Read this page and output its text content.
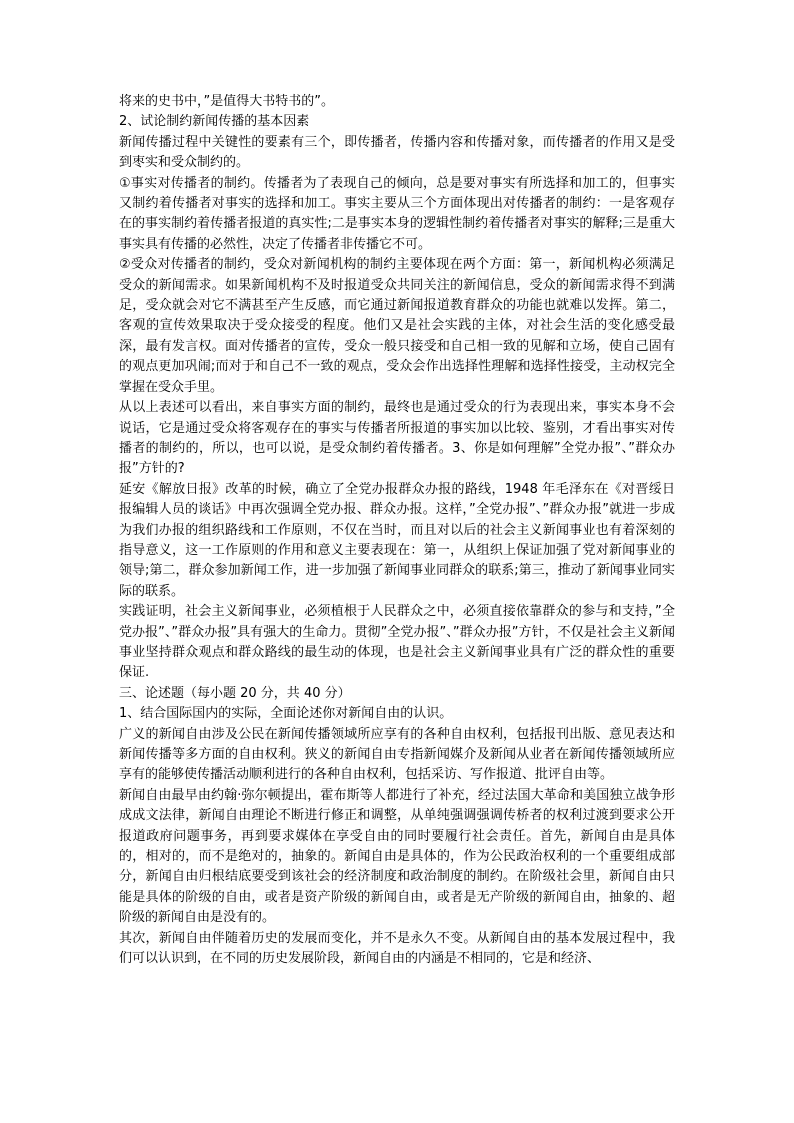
将来的史书中，”是值得大书特书的”。

2、试论制约新闻传播的基本因素

新闻传播过程中关键性的要素有三个，即传播者，传播内容和传播对象，而传播者的作用又是受到枣实和受众制约的。

①事实对传播者的制约。传播者为了表现自己的倾向，总是要对事实有所选择和加工的，但事实又制约着传播者对事实的选择和加工。事实主要从三个方面体现出对传播者的制约：一是客观存在的事实制约着传播者报道的真实性;二是事实本身的逻辑性制约着传播者对事实的解释;三是重大事实具有传播的必然性，决定了传播者非传播它不可。

②受众对传播者的制约，受众对新闻机构的制约主要体现在两个方面：第一，新闻机构必须满足受众的新闻需求。如果新闻机构不及时报道受众共同关注的新闻信息，受众的新闻需求得不到满足，受众就会对它不满甚至产生反感，而它通过新闻报道教育群众的功能也就难以发挥。第二，客观的宣传效果取决于受众接受的程度。他们又是社会实践的主体，对社会生活的变化感受最深，最有发言权。面对传播者的宣传，受众一般只接受和自己相一致的见解和立场，使自己固有的观点更加巩闹;而对于和自己不一致的观点，受众会作出选择性理解和选择性接受，主动权完全掌握在受众手里。

从以上表述可以看出，来自事实方面的制约，最终也是通过受众的行为表现出来，事实本身不会说话，它是通过受众将客观存在的事实与传播者所报道的事实加以比较、鉴别，才看出事实对传播者的制约的，所以，也可以说，是受众制约着传播者。3、你是如何理解”全党办报”、”群众办报”方针的?

延安《解放日报》改革的时候，确立了全党办报群众办报的路线，1948 年毛泽东在《对晋绥日报编辑人员的谈话》中再次强调全党办报、群众办报。这样，”全党办报”、”群众办报”就进一步成为我们办报的组织路线和工作原则，不仅在当时，而且对以后的社会主义新闻事业也有着深刻的指导意义，这一工作原则的作用和意义主要表现在：第一，从组织上保证加强了党对新闻事业的领导;第二，群众参加新闻工作，进一步加强了新闻事业同群众的联系;第三，推动了新闻事业同实际的联系。

实践证明，社会主义新闻事业，必须植根于人民群众之中，必须直接依靠群众的参与和支持，”全党办报”、”群众办报”具有强大的生命力。贯彻”全党办报”、”群众办报”方针，不仅是社会主义新闻事业坚持群众观点和群众路线的最生动的体现，也是社会主义新闻事业具有广泛的群众性的重要保证.

三、论述题（每小题 20 分，共 40 分）

1、结合国际国内的实际，全面论述你对新闻自由的认识。

广义的新闻自由涉及公民在新闻传播领域所应享有的各种自由权利，包括报刊出版、意见表达和新闻传播等多方面的自由权利。狭义的新闻自由专指新闻媒介及新闻从业者在新闻传播领域所应享有的能够使传播活动顺利进行的各种自由权利，包括采访、写作报道、批评自由等。

新闻自由最早由约翰·弥尔顿提出，霍布斯等人都进行了补充，经过法国大革命和美国独立战争形成成文法律，新闻自由理论不断进行修正和调整，从单纯强调强调传桥者的权利过渡到要求公开报道政府问题事务，再到要求媒体在享受自由的同时要履行社会责任。首先，新闻自由是具体的，相对的，而不是绝对的，抽象的。新闻自由是具体的，作为公民政治权利的一个重要组成部分，新闻自由归根结底要受到该社会的经济制度和政治制度的制约。在阶级社会里，新闻自由只能是具体的阶级的自由，或者是资产阶级的新闻自由，或者是无产阶级的新闻自由，抽象的、超阶级的新闻自由是没有的。

其次，新闻自由伴随着历史的发展而变化，并不是永久不变。从新闻自由的基本发展过程中，我们可以认识到，在不同的历史发展阶段，新闻自由的内涵是不相同的，它是和经济、
